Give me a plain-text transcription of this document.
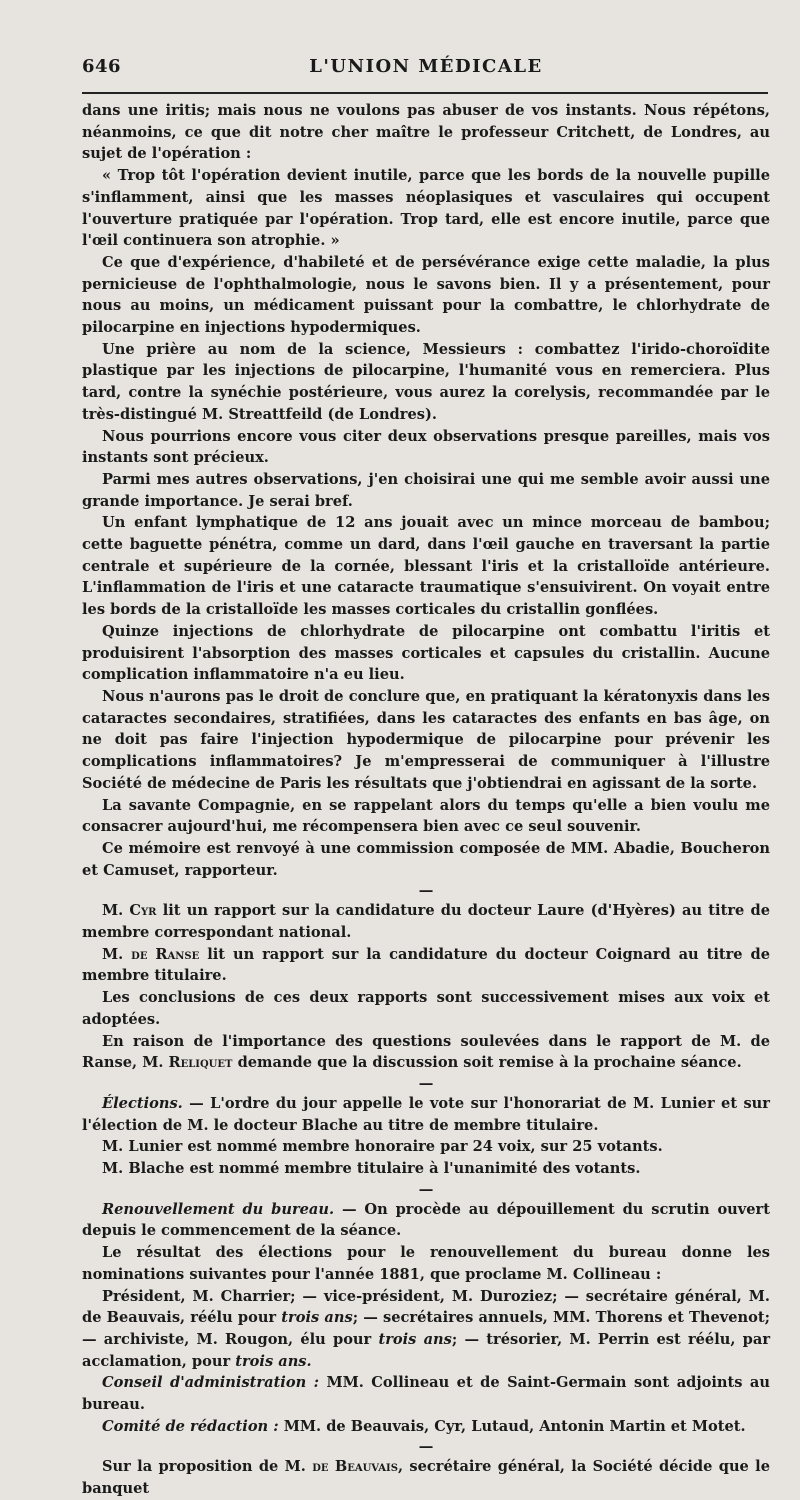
646	L'UNION MÉDICALE

dans une iritis; mais nous ne voulons pas abuser de vos instants. Nous répétons, néanmoins, ce que dit notre cher maître le professeur Critchett, de Londres, au sujet de l'opération :

« Trop tôt l'opération devient inutile, parce que les bords de la nouvelle pupille s'inflamment, ainsi que les masses néoplasiques et vasculaires qui occupent l'ouverture pratiquée par l'opération. Trop tard, elle est encore inutile, parce que l'œil continuera son atrophie. »

Ce que d'expérience, d'habileté et de persévérance exige cette maladie, la plus pernicieuse de l'ophthalmologie, nous le savons bien. Il y a présentement, pour nous au moins, un médicament puissant pour la combattre, le chlorhydrate de pilocarpine en injections hypodermiques.

Une prière au nom de la science, Messieurs : combattez l'irido-choroïdite plastique par les injections de pilocarpine, l'humanité vous en remerciera. Plus tard, contre la synéchie postérieure, vous aurez la corelysis, recommandée par le très-distingué M. Streattfeild (de Londres).

Nous pourrions encore vous citer deux observations presque pareilles, mais vos instants sont précieux.

Parmi mes autres observations, j'en choisirai une qui me semble avoir aussi une grande importance. Je serai bref.

Un enfant lymphatique de 12 ans jouait avec un mince morceau de bambou; cette baguette pénétra, comme un dard, dans l'œil gauche en traversant la partie centrale et supérieure de la cornée, blessant l'iris et la cristalloïde antérieure. L'inflammation de l'iris et une cataracte traumatique s'ensuivirent. On voyait entre les bords de la cristalloïde les masses corticales du cristallin gonflées.

Quinze injections de chlorhydrate de pilocarpine ont combattu l'iritis et produisirent l'absorption des masses corticales et capsules du cristallin. Aucune complication inflammatoire n'a eu lieu.

Nous n'aurons pas le droit de conclure que, en pratiquant la kératonyxis dans les cataractes secondaires, stratifiées, dans les cataractes des enfants en bas âge, on ne doit pas faire l'injection hypodermique de pilocarpine pour prévenir les complications inflammatoires? Je m'empresserai de communiquer à l'illustre Société de médecine de Paris les résultats que j'obtiendrai en agissant de la sorte.

La savante Compagnie, en se rappelant alors du temps qu'elle a bien voulu me consacrer aujourd'hui, me récompensera bien avec ce seul souvenir.

Ce mémoire est renvoyé à une commission composée de MM. Abadie, Boucheron et Camuset, rapporteur.

—

M. Cyr lit un rapport sur la candidature du docteur Laure (d'Hyères) au titre de membre correspondant national.

M. de Ranse lit un rapport sur la candidature du docteur Coignard au titre de membre titulaire.

Les conclusions de ces deux rapports sont successivement mises aux voix et adoptées.

En raison de l'importance des questions soulevées dans le rapport de M. de Ranse, M. Reliquet demande que la discussion soit remise à la prochaine séance.

—

Élections. — L'ordre du jour appelle le vote sur l'honorariat de M. Lunier et sur l'élection de M. le docteur Blache au titre de membre titulaire.

M. Lunier est nommé membre honoraire par 24 voix, sur 25 votants.

M. Blache est nommé membre titulaire à l'unanimité des votants.

—

Renouvellement du bureau. — On procède au dépouillement du scrutin ouvert depuis le commencement de la séance.

Le résultat des élections pour le renouvellement du bureau donne les nominations suivantes pour l'année 1881, que proclame M. Collineau :

Président, M. Charrier; — vice-président, M. Duroziez; — secrétaire général, M. de Beauvais, réélu pour trois ans; — secrétaires annuels, MM. Thorens et Thevenot; — archiviste, M. Rougon, élu pour trois ans; — trésorier, M. Perrin est réélu, par acclamation, pour trois ans.

Conseil d'administration : MM. Collineau et de Saint-Germain sont adjoints au bureau.

Comité de rédaction : MM. de Beauvais, Cyr, Lutaud, Antonin Martin et Motet.

—

Sur la proposition de M. de Beauvais, secrétaire général, la Société décide que le banquet
